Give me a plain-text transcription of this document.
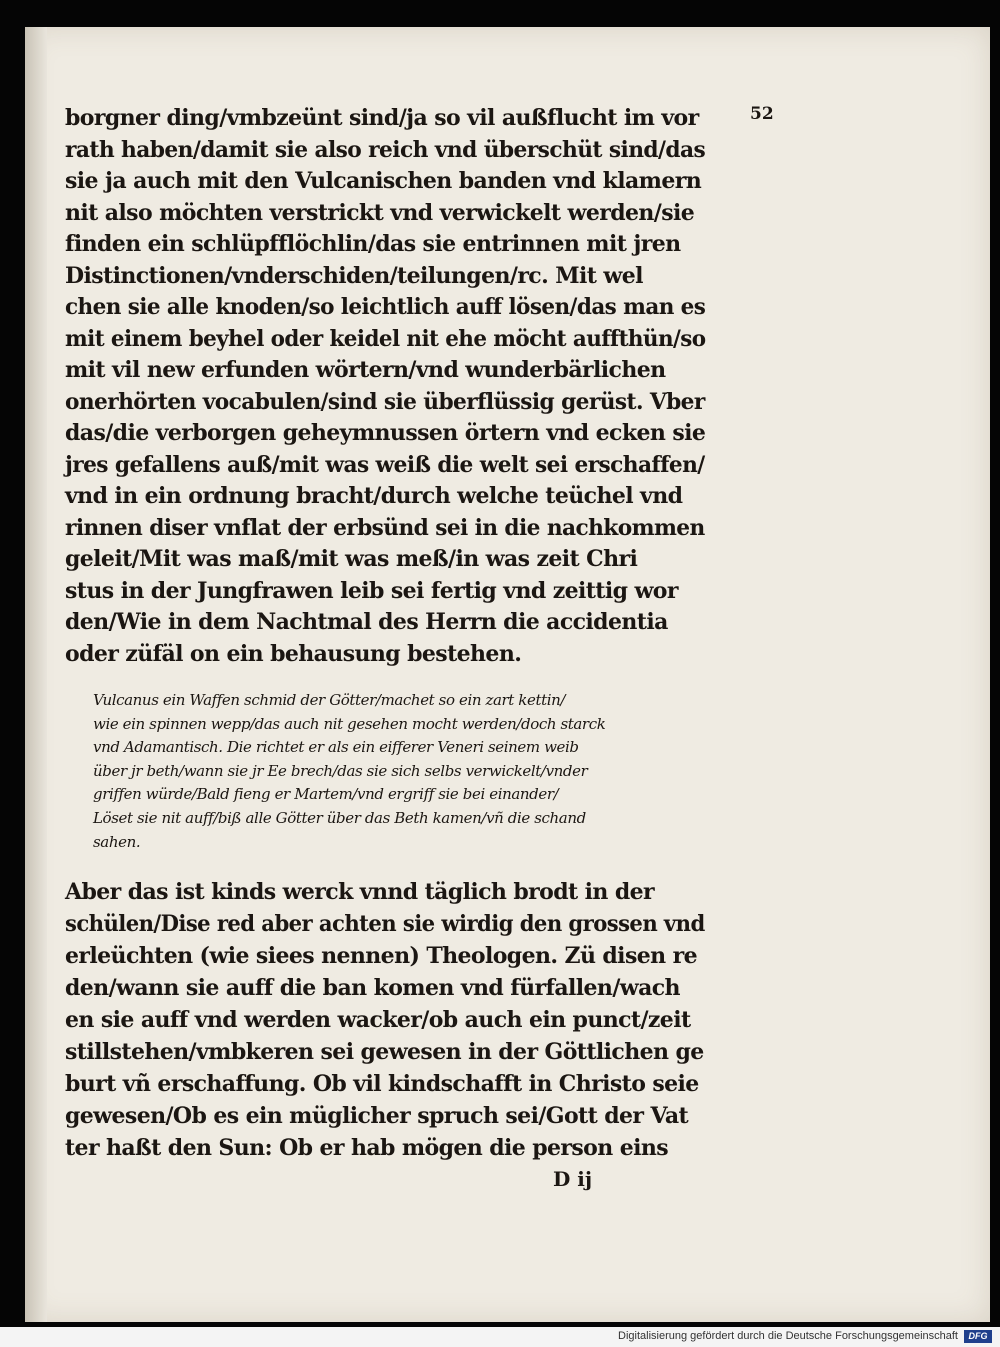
52
borgner ding/vmbzeünt sind/ja so vil außflucht im vor
rath haben/damit sie also reich vnd überschüt sind/das
sie ja auch mit den Vulcanischen banden vnd klamern
nit also möchten verstrickt vnd verwickelt werden/sie
finden ein schlüpfflöchlin/das sie entrinnen mit jren
Distinctionen/vnderschiden/teilungen/rc. Mit wel
chen sie alle knoden/so leichtlich auff lösen/das man es
mit einem beyhel oder keidel nit ehe möcht auffthün/so
mit vil new erfunden wörtern/vnd wunderbärlichen
onerhörten vocabulen/sind sie überflüssig gerüst. Vber
das/die verborgen geheymnussen örtern vnd ecken sie
jres gefallens auß/mit was weiß die welt sei erschaffen/
vnd in ein ordnung bracht/durch welche teüchel vnd
rinnen diser vnflat der erbsünd sei in die nachkommen
geleit/Mit was maß/mit was meß/in was zeit Chri
stus in der Jungfrawen leib sei fertig vnd zeittig wor
den/Wie in dem Nachtmal des Herrn die accidentia
oder züfäl on ein behausung bestehen.
Vulcanus ein Waffen schmid der Götter/machet so ein zart kettin/
wie ein spinnen wepp/das auch nit gesehen mocht werden/doch starck
vnd Adamantisch. Die richtet er als ein eifferer Veneri seinem weib
über jr beth/wann sie jr Ee brech/das sie sich selbs verwickelt/vnder
griffen würde/Bald fieng er Martem/vnd ergriff sie bei einander/
Löset sie nit auff/biß alle Götter über das Beth kamen/vñ die schand
sahen.
Aber das ist kinds werck vnnd täglich brodt in der
schülen/Dise red aber achten sie wirdig den grossen vnd
erleüchten (wie siees nennen) Theologen. Zü disen re
den/wann sie auff die ban komen vnd fürfallen/wach
en sie auff vnd werden wacker/ob auch ein punct/zeit
stillstehen/vmbkeren sei gewesen in der Göttlichen ge
burt vñ erschaffung. Ob vil kindschafft in Christo seie
gewesen/Ob es ein müglicher spruch sei/Gott der Vat
ter haßt den Sun: Ob er hab mögen die person eins
D ij
Digitalisierung gefördert durch die Deutsche Forschungsgemeinschaft	DFG
